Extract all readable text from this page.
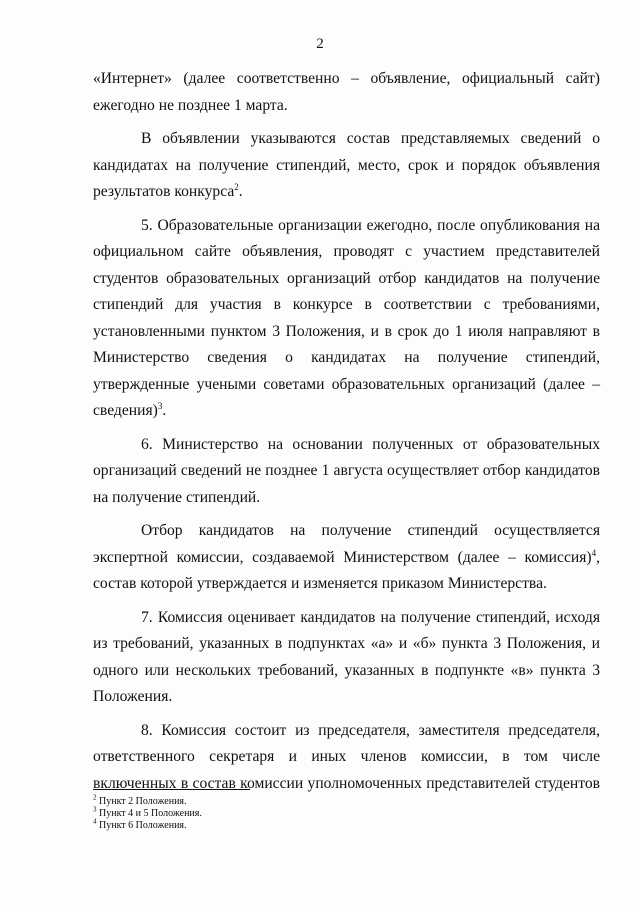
2

«Интернет» (далее соответственно – объявление, официальный сайт) ежегодно не позднее 1 марта.

В объявлении указываются состав представляемых сведений о кандидатах на получение стипендий, место, срок и порядок объявления результатов конкурса$^2$.

5. Образовательные организации ежегодно, после опубликования на официальном сайте объявления, проводят с участием представителей студентов образовательных организаций отбор кандидатов на получение стипендий для участия в конкурсе в соответствии с требованиями, установленными пунктом 3 Положения, и в срок до 1 июля направляют в Министерство сведения о кандидатах на получение стипендий, утвержденные учеными советами образовательных организаций (далее – сведения)$^3$.

6. Министерство на основании полученных от образовательных организаций сведений не позднее 1 августа осуществляет отбор кандидатов на получение стипендий.

Отбор кандидатов на получение стипендий осуществляется экспертной комиссии, создаваемой Министерством (далее – комиссия)$^4$, состав которой утверждается и изменяется приказом Министерства.

7. Комиссия оценивает кандидатов на получение стипендий, исходя из требований, указанных в подпунктах «а» и «б» пункта 3 Положения, и одного или нескольких требований, указанных в подпункте «в» пункта 3 Положения.

8. Комиссия состоит из председателя, заместителя председателя, ответственного секретаря и иных членов комиссии, в том числе включенных в состав комиссии уполномоченных представителей студентов

$^2$ Пункт 2 Положения.
$^3$ Пункт 4 и 5 Положения.
$^4$ Пункт 6 Положения.
